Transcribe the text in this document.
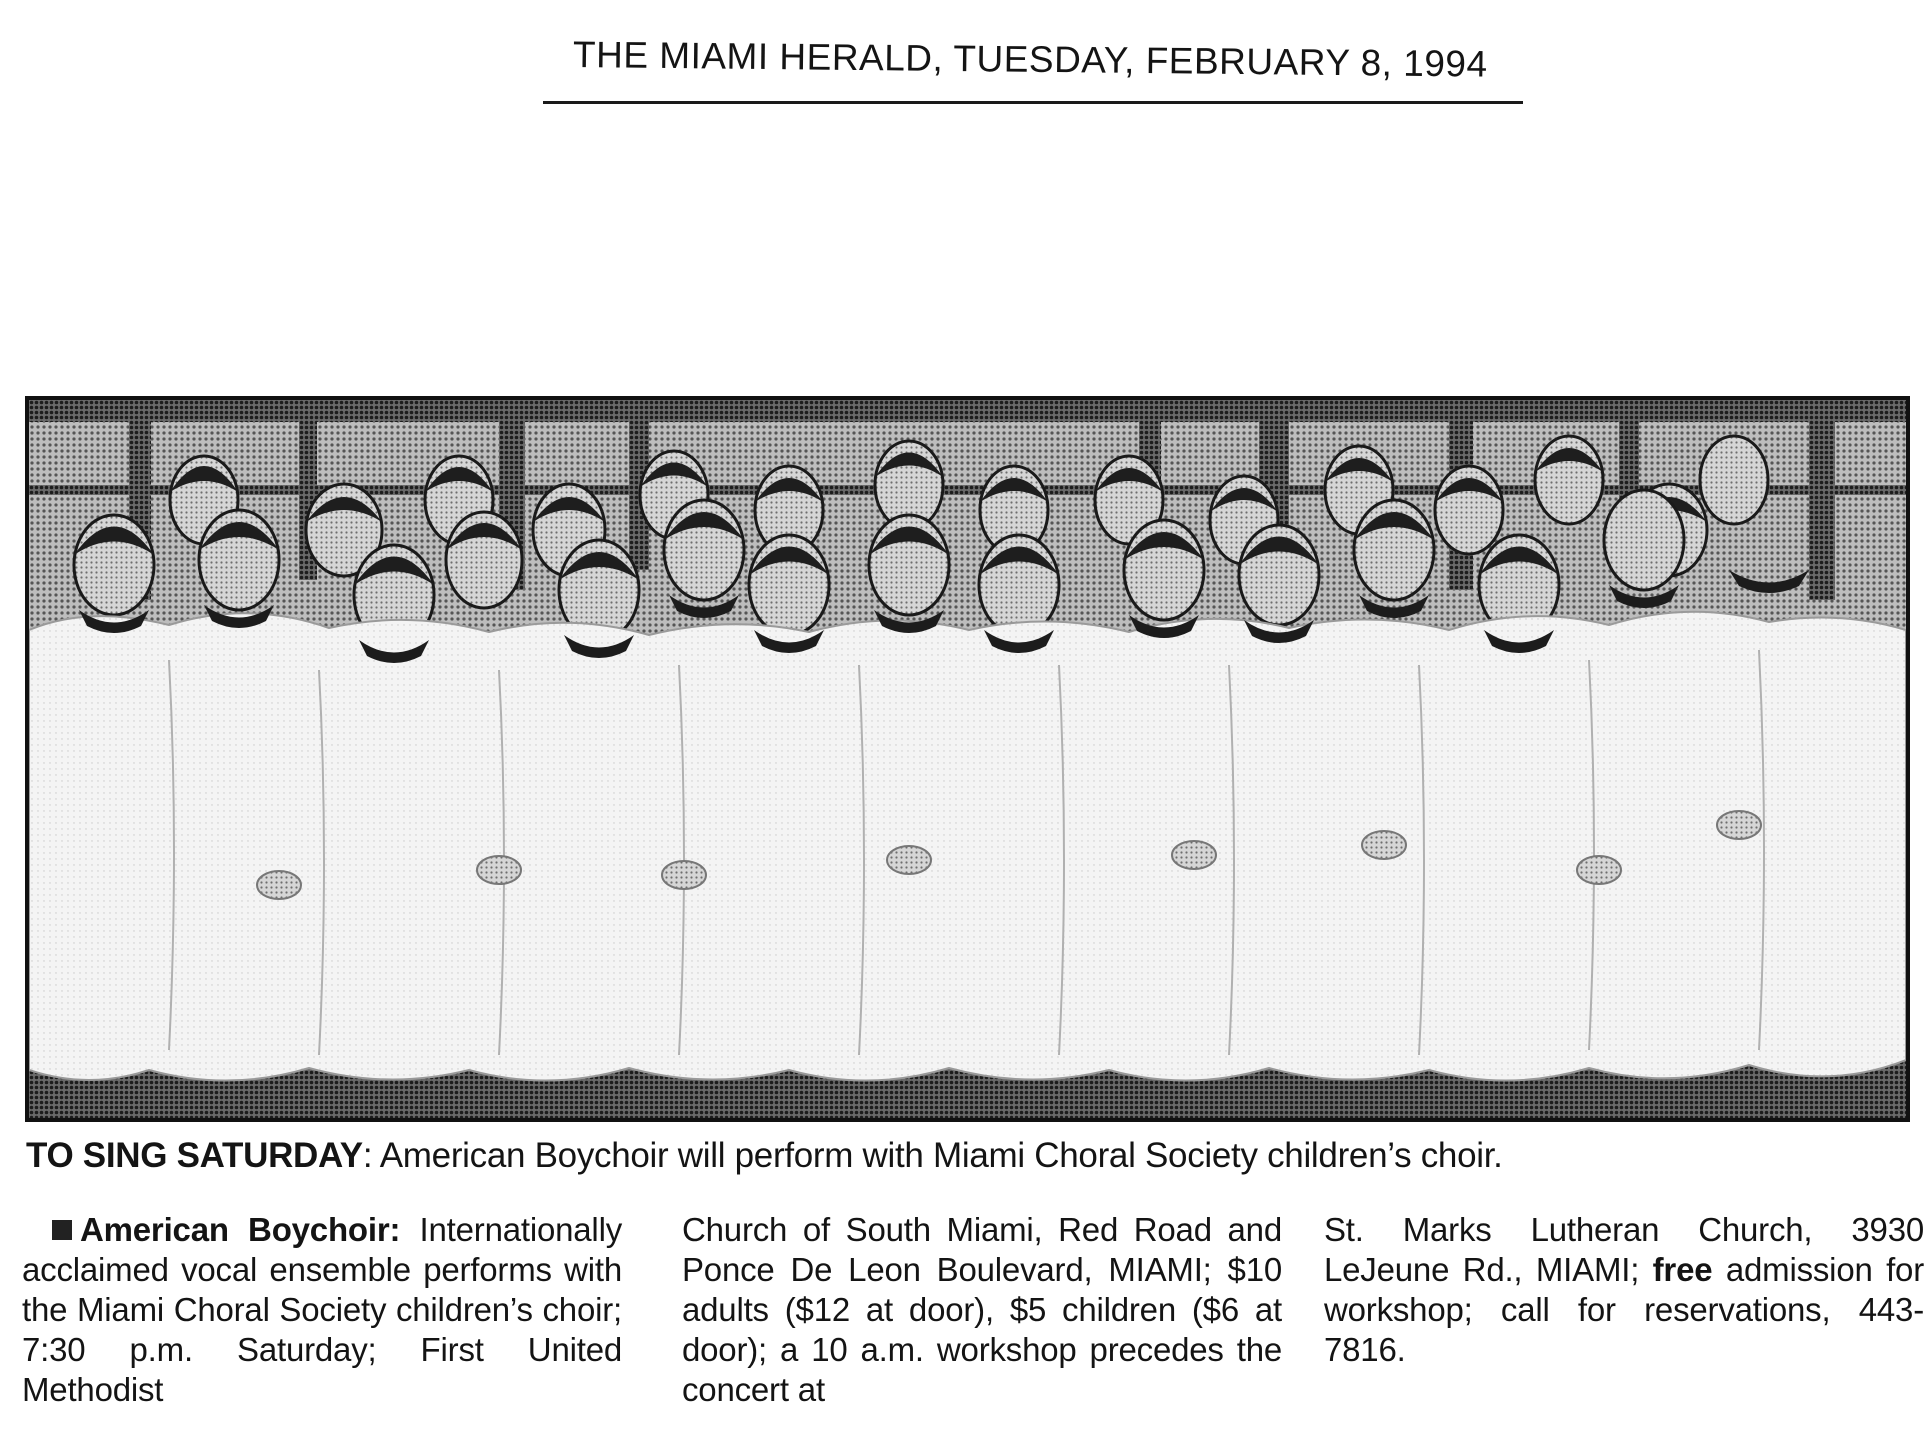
THE MIAMI HERALD, TUESDAY, FEBRUARY 8, 1994
TO SING SATURDAY: American Boychoir will perform with Miami Choral Society children’s choir.
American Boychoir: Internationally acclaimed vocal ensemble performs with the Miami Choral Society children’s choir; 7:30 p.m. Saturday; First United Methodist
Church of South Miami, Red Road and Ponce De Leon Boulevard, MIAMI; $10 adults ($12 at door), $5 children ($6 at door); a 10 a.m. workshop precedes the concert at
St. Marks Lutheran Church, 3930 LeJeune Rd., MIAMI; free admission for workshop; call for reservations, 443-7816.
